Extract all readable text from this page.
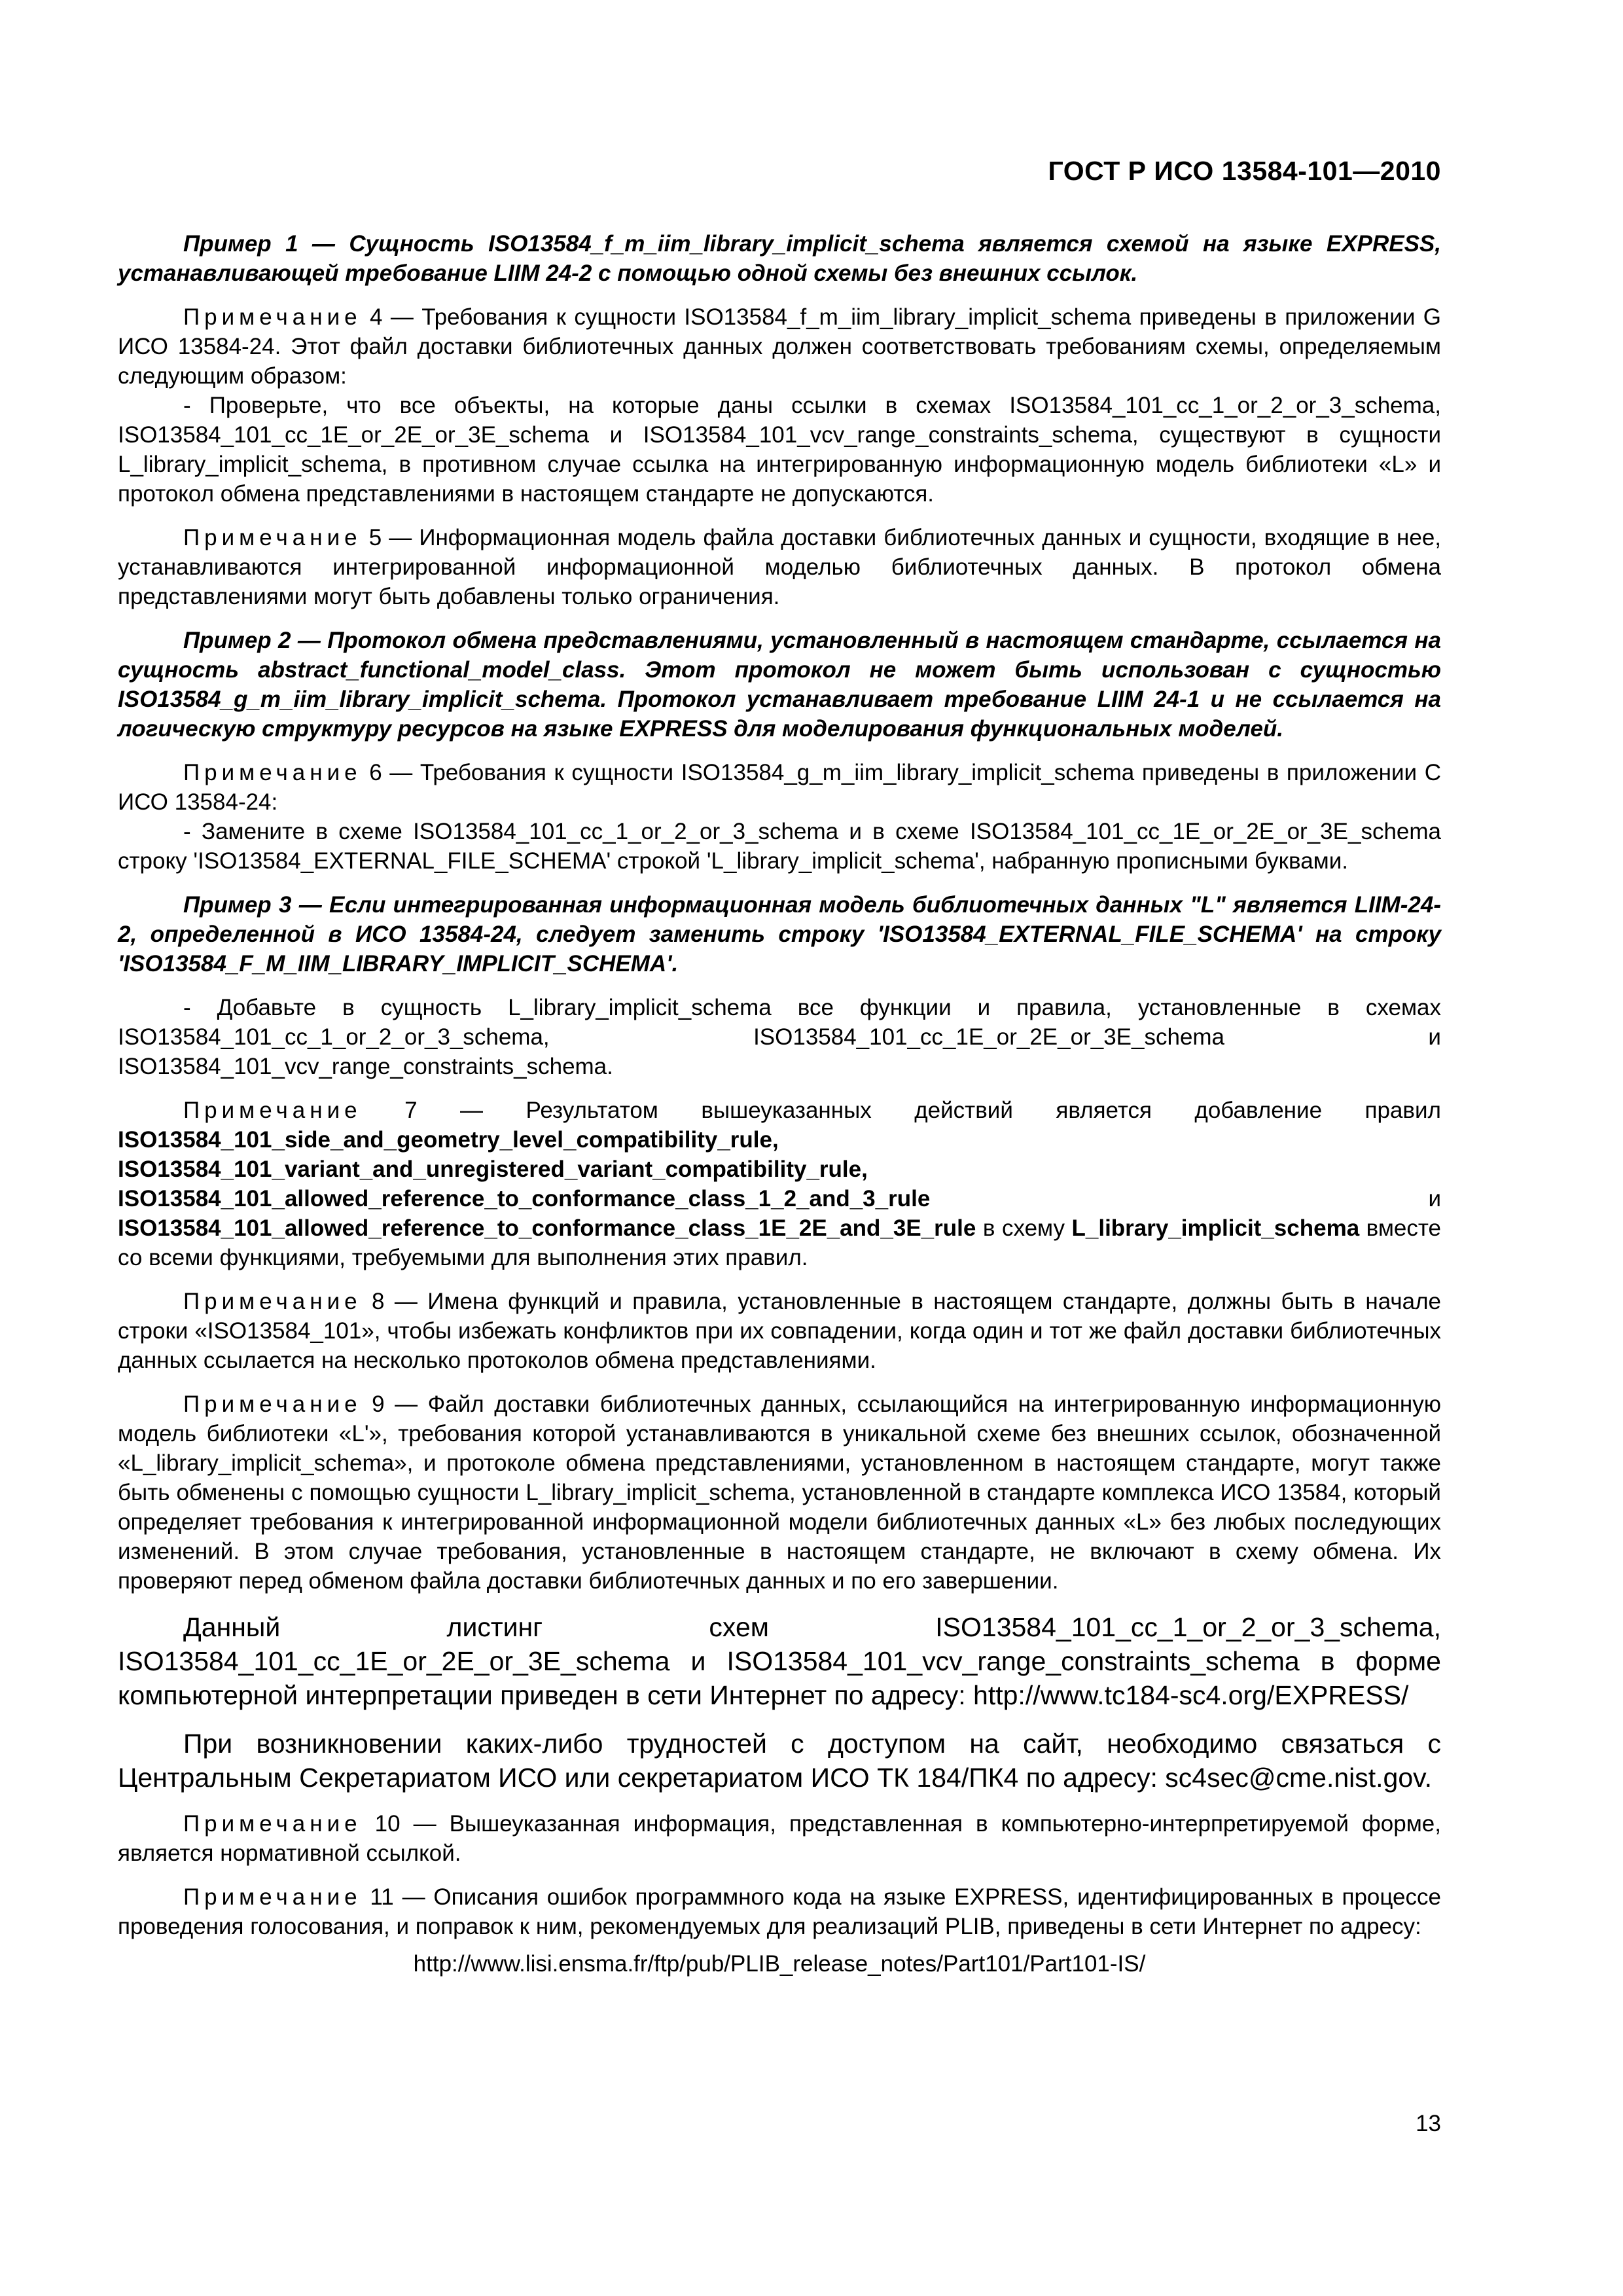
ГОСТ Р ИСО 13584-101—2010

Пример 1 — Сущность ISO13584_f_m_iim_library_implicit_schema является схемой на языке EXPRESS, устанавливающей требование LIIM 24-2 с помощью одной схемы без внешних ссылок.

Примечание 4 — Требования к сущности ISO13584_f_m_iim_library_implicit_schema приведены в приложении G ИСО 13584-24. Этот файл доставки библиотечных данных должен соответствовать требованиям схемы, определяемым следующим образом:

- Проверьте, что все объекты, на которые даны ссылки в схемах ISO13584_101_cc_1_or_2_or_3_schema, ISO13584_101_cc_1E_or_2E_or_3E_schema и ISO13584_101_vcv_range_constraints_schema, существуют в сущности L_library_implicit_schema, в противном случае ссылка на интегрированную информационную модель библиотеки «L» и протокол обмена представлениями в настоящем стандарте не допускаются.

Примечание 5 — Информационная модель файла доставки библиотечных данных и сущности, входящие в нее, устанавливаются интегрированной информационной моделью библиотечных данных. В протокол обмена представлениями могут быть добавлены только ограничения.

Пример 2 — Протокол обмена представлениями, установленный в настоящем стандарте, ссылается на сущность abstract_functional_model_class. Этот протокол не может быть использован с сущностью ISO13584_g_m_iim_library_implicit_schema. Протокол устанавливает требование LIIM 24-1 и не ссылается на логическую структуру ресурсов на языке EXPRESS для моделирования функциональных моделей.

Примечание 6 — Требования к сущности ISO13584_g_m_iim_library_implicit_schema приведены в приложении С ИСО 13584-24:

- Замените в схеме ISO13584_101_cc_1_or_2_or_3_schema и в схеме ISO13584_101_cc_1E_or_2E_or_3E_schema строку 'ISO13584_EXTERNAL_FILE_SCHEMA' строкой 'L_library_implicit_schema', набранную прописными буквами.

Пример 3 — Если интегрированная информационная модель библиотечных данных "L" является LIIM-24-2, определенной в ИСО 13584-24, следует заменить строку 'ISO13584_EXTERNAL_FILE_SCHEMA' на строку 'ISO13584_F_M_IIM_LIBRARY_IMPLICIT_SCHEMA'.

- Добавьте в сущность L_library_implicit_schema все функции и правила, установленные в схемах ISO13584_101_cc_1_or_2_or_3_schema, ISO13584_101_cc_1E_or_2E_or_3E_schema и ISO13584_101_vcv_range_constraints_schema.

Примечание 7 — Результатом вышеуказанных действий является добавление правил ISO13584_101_side_and_geometry_level_compatibility_rule, ISO13584_101_variant_and_unregistered_variant_compatibility_rule, ISO13584_101_allowed_reference_to_conformance_class_1_2_and_3_rule и ISO13584_101_allowed_reference_to_conformance_class_1E_2E_and_3E_rule в схему L_library_implicit_schema вместе со всеми функциями, требуемыми для выполнения этих правил.

Примечание 8 — Имена функций и правила, установленные в настоящем стандарте, должны быть в начале строки «ISO13584_101», чтобы избежать конфликтов при их совпадении, когда один и тот же файл доставки библиотечных данных ссылается на несколько протоколов обмена представлениями.

Примечание 9 — Файл доставки библиотечных данных, ссылающийся на интегрированную информационную модель библиотеки «L'», требования которой устанавливаются в уникальной схеме без внешних ссылок, обозначенной «L_library_implicit_schema», и протоколе обмена представлениями, установленном в настоящем стандарте, могут также быть обменены с помощью сущности L_library_implicit_schema, установленной в стандарте комплекса ИСО 13584, который определяет требования к интегрированной информационной модели библиотечных данных «L» без любых последующих изменений. В этом случае требования, установленные в настоящем стандарте, не включают в схему обмена. Их проверяют перед обменом файла доставки библиотечных данных и по его завершении.

Данный листинг схем ISO13584_101_cc_1_or_2_or_3_schema, ISO13584_101_cc_1E_or_2E_or_3E_schema и ISO13584_101_vcv_range_constraints_schema в форме компьютерной интерпретации приведен в сети Интернет по адресу: http://www.tc184-sc4.org/EXPRESS/

При возникновении каких-либо трудностей с доступом на сайт, необходимо связаться с Центральным Секретариатом ИСО или секретариатом ИСО ТК 184/ПК4 по адресу: sc4sec@cme.nist.gov.

Примечание 10 — Вышеуказанная информация, представленная в компьютерно-интерпретируемой форме, является нормативной ссылкой.

Примечание 11 — Описания ошибок программного кода на языке EXPRESS, идентифицированных в процессе проведения голосования, и поправок к ним, рекомендуемых для реализаций PLIB, приведены в сети Интернет по адресу:

http://www.lisi.ensma.fr/ftp/pub/PLIB_release_notes/Part101/Part101-IS/

13
